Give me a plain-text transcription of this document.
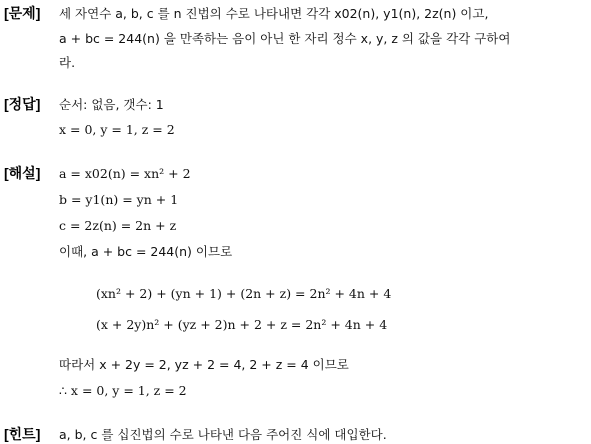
[문제] 세 자연수 a, b, c 를 n 진법의 수로 나타내면 각각 x02(n), y1(n), 2z(n) 이고,
a + bc = 244(n) 을 만족하는 음이 아닌 한 자리 정수 x, y, z 의 값을 각각 구하여
라.
[정답] 순서: 없음, 갯수: 1
x = 0, y = 1, z = 2
[해설] a = x02(n) = xn² + 2
b = y1(n) = yn + 1
c = 2z(n) = 2n + z
이때, a + bc = 244(n) 이므로
(xn² + 2) + (yn + 1) + (2n + z) = 2n² + 4n + 4
(x + 2y)n² + (yz + 2)n + 2 + z = 2n² + 4n + 4
따라서 x + 2y = 2, yz + 2 = 4, 2 + z = 4 이므로
∴ x = 0, y = 1, z = 2
[힌트] a, b, c 를 십진법의 수로 나타낸 다음 주어진 식에 대입한다.
